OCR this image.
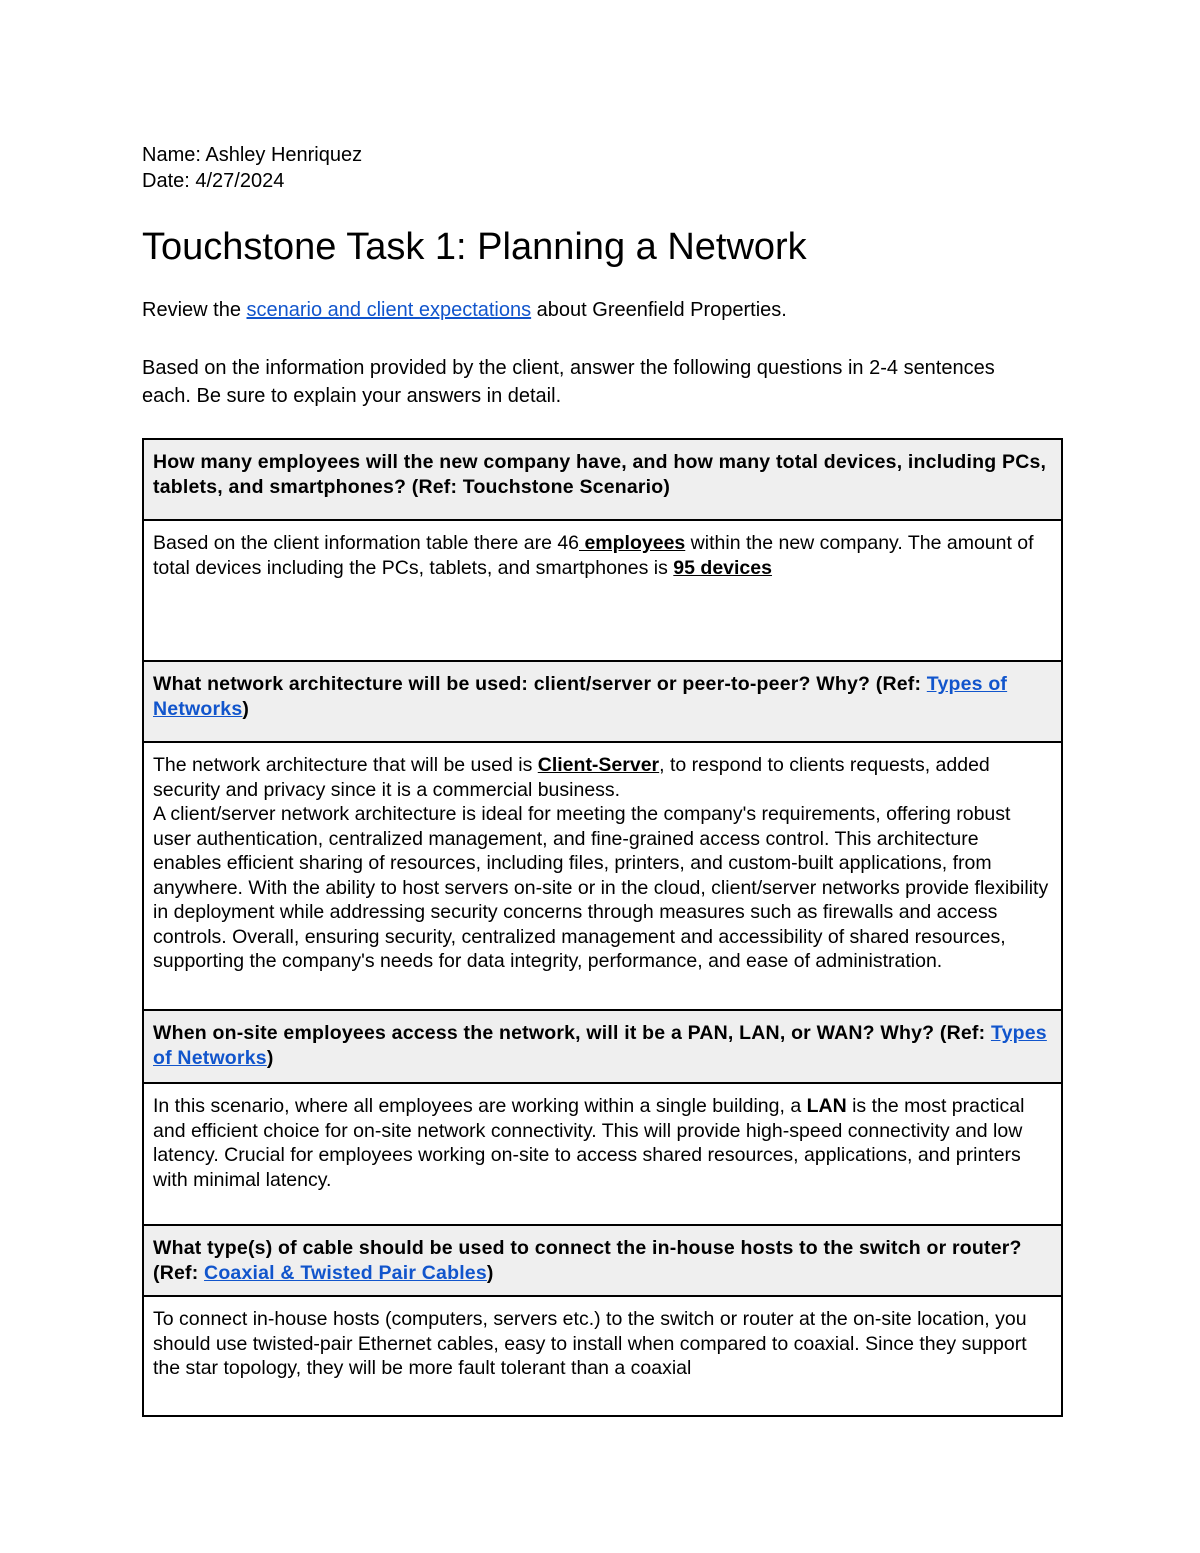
Name: Ashley Henriquez

Date: 4/27/2024

Touchstone Task 1: Planning a Network

Review the scenario and client expectations about Greenfield Properties.

Based on the information provided by the client, answer the following questions in 2-4 sentences each. Be sure to explain your answers in detail.

How many employees will the new company have, and how many total devices, including PCs, tablets, and smartphones? (Ref: Touchstone Scenario)
Based on the client information table there are 46 employees within the new company. The amount of total devices including the PCs, tablets, and smartphones is 95 devices
What network architecture will be used: client/server or peer-to-peer? Why? (Ref: Types of Networks)
The network architecture that will be used is Client-Server, to respond to clients requests, added security and privacy since it is a commercial business.
A client/server network architecture is ideal for meeting the company's requirements, offering robust user authentication, centralized management, and fine-grained access control. This architecture enables efficient sharing of resources, including files, printers, and custom-built applications, from anywhere. With the ability to host servers on-site or in the cloud, client/server networks provide flexibility in deployment while addressing security concerns through measures such as firewalls and access controls. Overall, ensuring security, centralized management and accessibility of shared resources, supporting the company's needs for data integrity, performance, and ease of administration.
When on-site employees access the network, will it be a PAN, LAN, or WAN? Why? (Ref: Types of Networks)
In this scenario, where all employees are working within a single building, a LAN is the most practical and efficient choice for on-site network connectivity. This will provide high-speed connectivity and low latency. Crucial for employees working on-site to access shared resources, applications, and printers with minimal latency.
What type(s) of cable should be used to connect the in-house hosts to the switch or router? (Ref: Coaxial & Twisted Pair Cables)
To connect in-house hosts (computers, servers etc.) to the switch or router at the on-site location, you should use twisted-pair Ethernet cables, easy to install when compared to coaxial. Since they support the star topology, they will be more fault tolerant than a coaxial
